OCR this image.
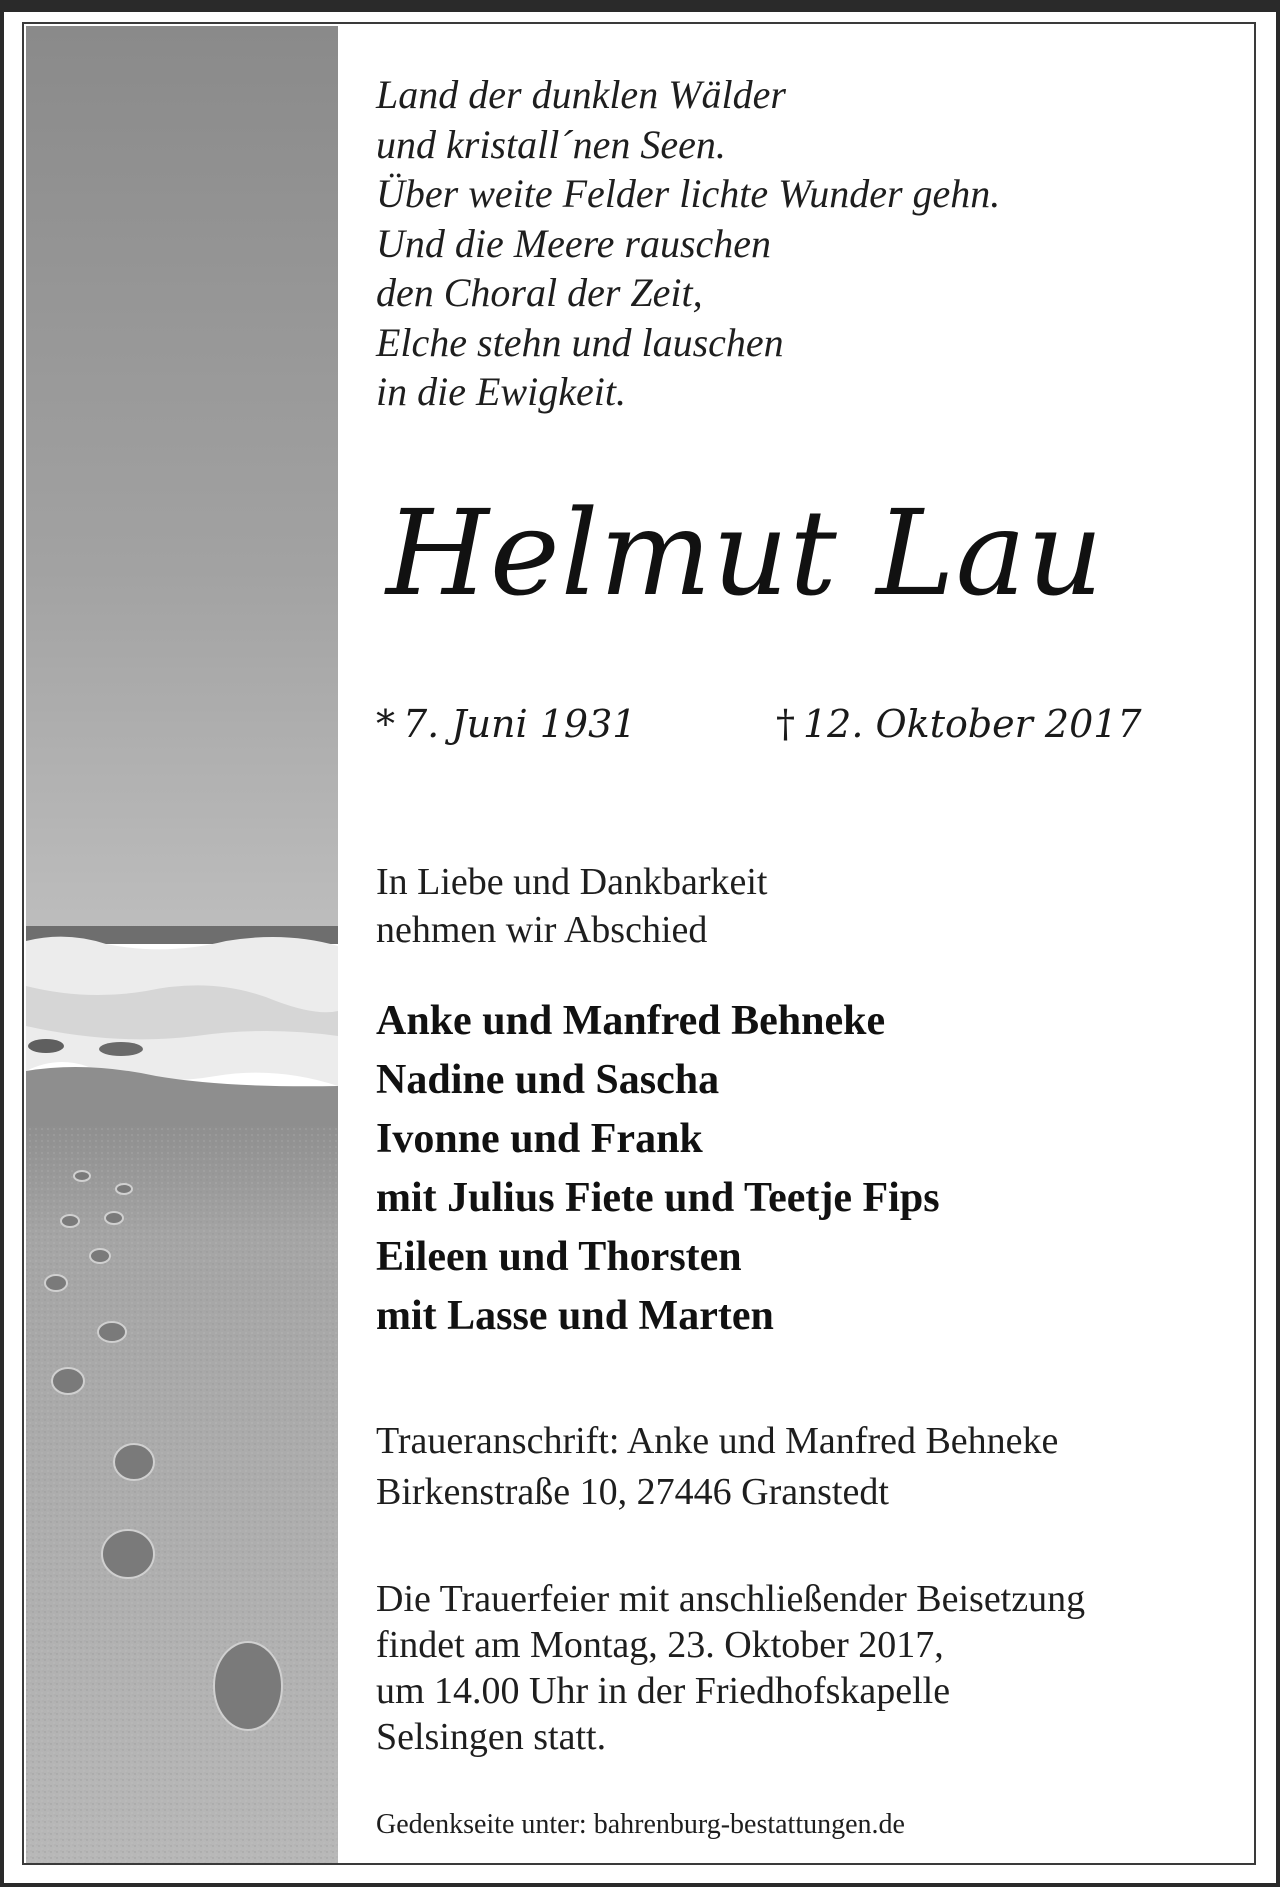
Land der dunklen Wälder
und kristall´nen Seen.
Über weite Felder lichte Wunder gehn.
Und die Meere rauschen
den Choral der Zeit,
Elche stehn und lauschen
in die Ewigkeit.
Helmut Lau
* 7. Juni 1931	† 12. Oktober 2017
In Liebe und Dankbarkeit
nehmen wir Abschied
Anke und Manfred Behneke
Nadine und Sascha
Ivonne und Frank
mit Julius Fiete und Teetje Fips
Eileen und Thorsten
mit Lasse und Marten
Traueranschrift: Anke und Manfred Behneke
Birkenstraße 10, 27446 Granstedt
Die Trauerfeier mit anschließender Beisetzung
findet am Montag, 23. Oktober 2017,
um 14.00 Uhr in der Friedhofskapelle
Selsingen statt.
Gedenkseite unter: bahrenburg-bestattungen.de
